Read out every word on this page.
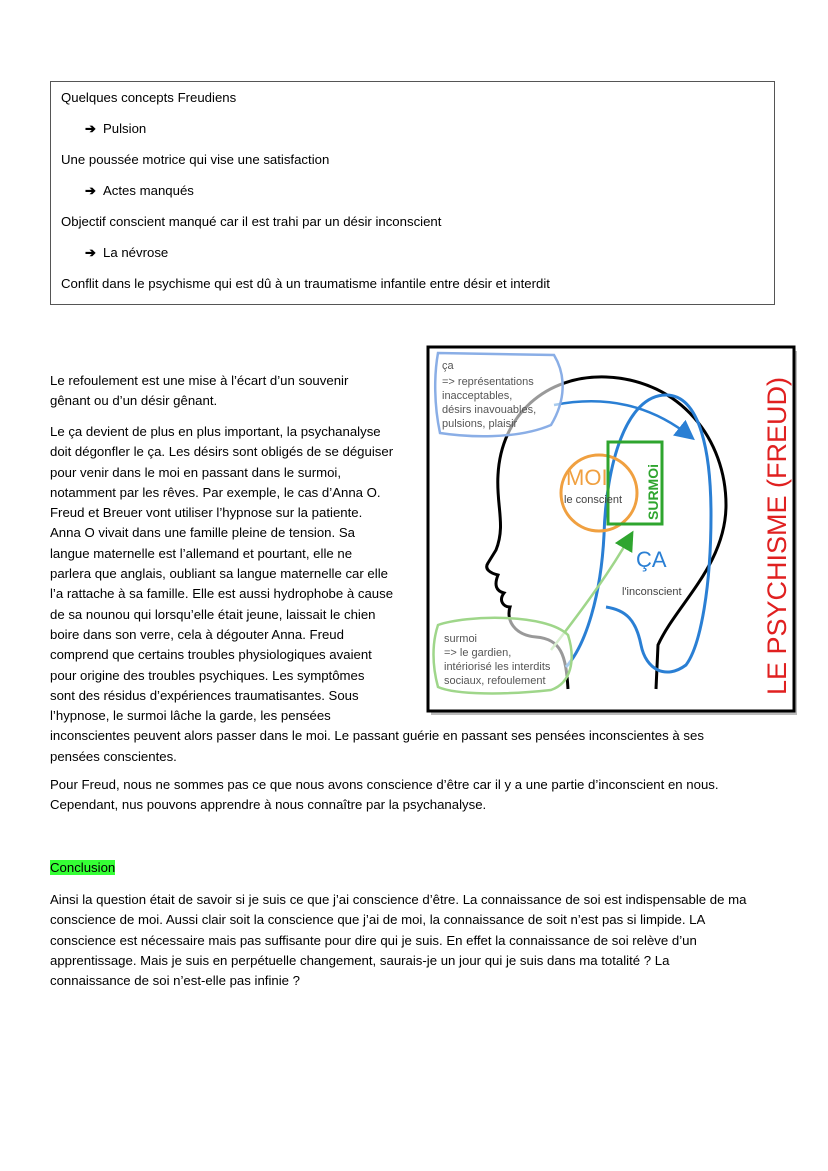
Quelques concepts Freudiens
➔ Pulsion
Une poussée motrice qui vise une satisfaction
➔ Actes manqués
Objectif conscient manqué car il est trahi par un désir inconscient
➔ La névrose
Conflit dans le psychisme qui est dû à un traumatisme infantile entre désir et interdit

Le refoulement est une mise à l’écart d’un souvenir gênant ou d’un désir gênant.

Le ça devient de plus en plus important, la psychanalyse
doit dégonfler le ça. Les désirs sont obligés de se déguiser
pour venir dans le moi en passant dans le surmoi,
notamment par les rêves. Par exemple, le cas d’Anna O.
Freud et Breuer vont utiliser l’hypnose sur la patiente.
Anna O vivait dans une famille pleine de tension. Sa
langue maternelle est l’allemand et pourtant, elle ne
parlera que anglais, oubliant sa langue maternelle car elle
l’a rattache à sa famille. Elle est aussi hydrophobe à cause
de sa nounou qui lorsqu’elle était jeune, laissait le chien
boire dans son verre, cela à dégouter Anna. Freud
comprend que certains troubles physiologiques avaient
pour origine des troubles psychiques. Les symptômes
sont des résidus d’expériences traumatisantes. Sous
l’hypnose, le surmoi lâche la garde, les pensées
inconscientes peuvent alors passer dans le moi. Le passant guérie en passant ses pensées inconscientes à ses
pensées conscientes.
Pour Freud, nous ne sommes pas ce que nous avons conscience d’être car il y a une partie d’inconscient en nous.
Cependant, nus pouvons apprendre à nous connaître par la psychanalyse.
Conclusion
Ainsi la question était de savoir si je suis ce que j’ai conscience d’être. La connaissance de soi est indispensable de ma
conscience de moi. Aussi clair soit la conscience que j’ai de moi, la connaissance de soit n’est pas si limpide. LA
conscience est nécessaire mais pas suffisante pour dire qui je suis. En effet la connaissance de soi relève d’un
apprentissage. Mais je suis en perpétuelle changement, saurais-je un jour qui je suis dans ma totalité ? La
connaissance de soi n’est-elle pas infinie ?
ça
=> représentations
inacceptables,
désirs inavouables,
pulsions, plaisir
surmoi
=> le gardien,
intériorisé les interdits
sociaux, refoulement
MOI
le conscient SURMOi
ÇA
l'inconscient	LE PSYCHISME (FREUD)
